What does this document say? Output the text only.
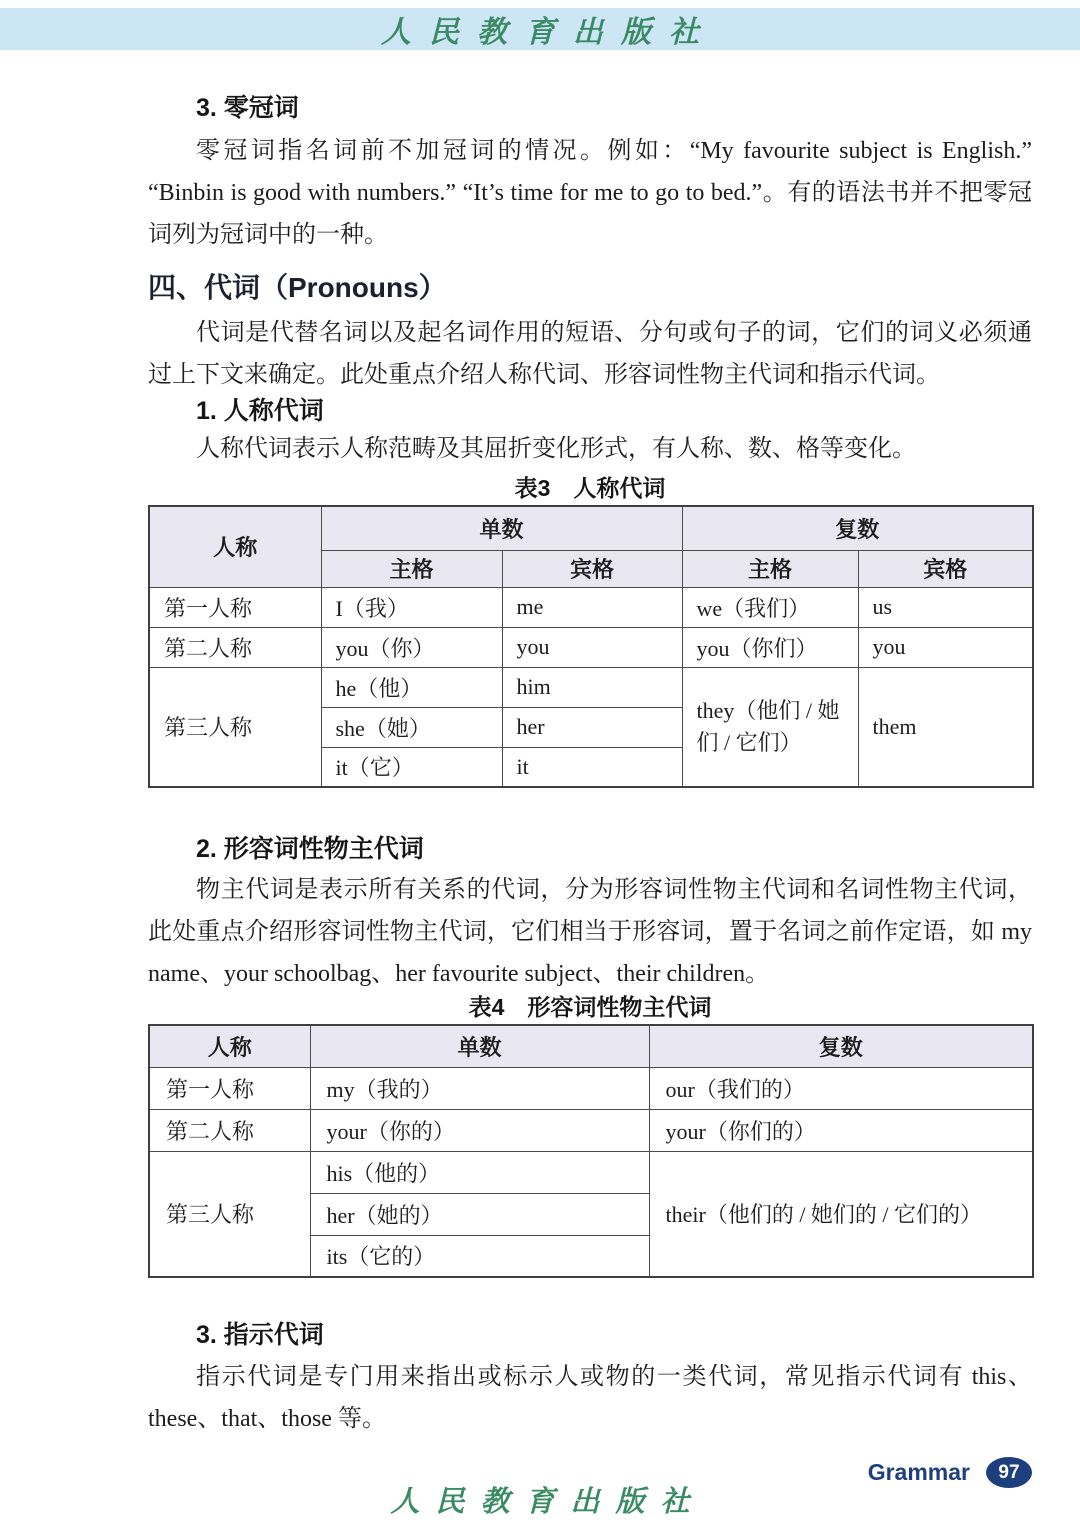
人民教育出版社
3. 零冠词

零冠词指名词前不加冠词的情况。例如：“My favourite subject is English.” “Binbin is good with numbers.” “It’s time for me to go to bed.”。有的语法书并不把零冠词列为冠词中的一种。

四、代词（Pronouns）

代词是代替名词以及起名词作用的短语、分句或句子的词，它们的词义必须通过上下文来确定。此处重点介绍人称代词、形容词性物主代词和指示代词。

1. 人称代词

人称代词表示人称范畴及其屈折变化形式，有人称、数、格等变化。

表3　人称代词
人称	单数		复数	
	主格	宾格	主格	宾格
第一人称	I（我）	me	we（我们）	us
第二人称	you（你）	you	you（你们）	you
第三人称	he（他）	him	they（他们 / 她们 / 它们）	them
	she（她）	her		
	it（它）	it		
2. 形容词性物主代词

物主代词是表示所有关系的代词，分为形容词性物主代词和名词性物主代词，此处重点介绍形容词性物主代词，它们相当于形容词，置于名词之前作定语，如 my name、your schoolbag、her favourite subject、their children。

表4　形容词性物主代词
人称	单数	复数
第一人称	my（我的）	our（我们的）
第二人称	your（你的）	your（你们的）
第三人称	his（他的）	their（他们的 / 她们的 / 它们的）
	her（她的）	
	its（它的）	
3. 指示代词

指示代词是专门用来指出或标示人或物的一类代词，常见指示代词有 this、these、that、those 等。

Grammar	97
人民教育出版社
